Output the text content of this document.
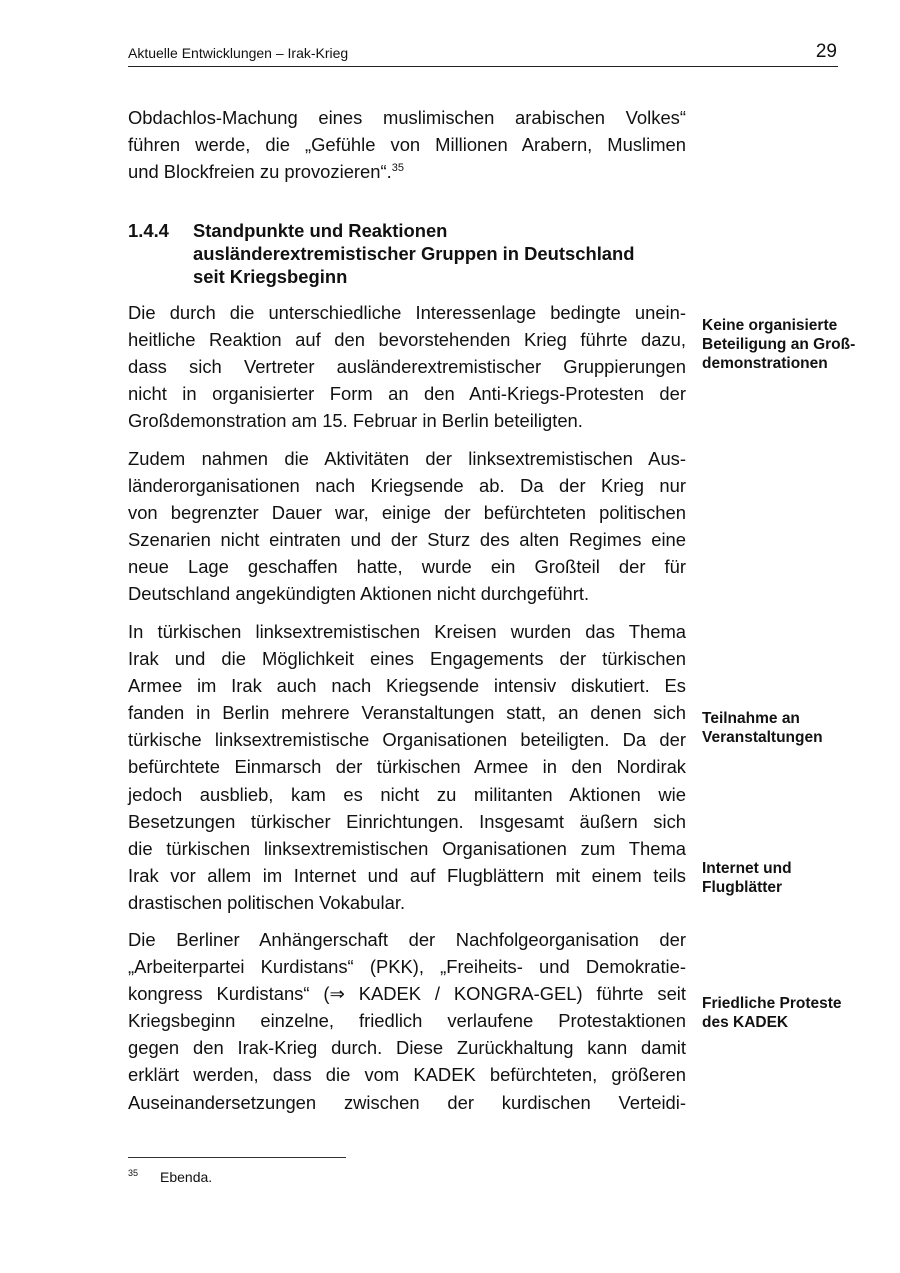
Aktuelle Entwicklungen – Irak-Krieg	29

Obdachlos-Machung eines muslimischen arabischen Volkes“
führen werde, die „Gefühle von Millionen Arabern, Muslimen
und Blockfreien zu provozieren“.$^{35}$

1.4.4 Standpunkte und Reaktionen
ausländerextremistischer Gruppen in Deutschland
seit Kriegsbeginn

Die durch die unterschiedliche Interessenlage bedingte unein-
heitliche Reaktion auf den bevorstehenden Krieg führte dazu,
dass sich Vertreter ausländerextremistischer Gruppierungen
nicht in organisierter Form an den Anti-Kriegs-Protesten der
Großdemonstration am 15. Februar in Berlin beteiligten.

Zudem nahmen die Aktivitäten der linksextremistischen Aus-
länderorganisationen nach Kriegsende ab. Da der Krieg nur
von begrenzter Dauer war, einige der befürchteten politischen
Szenarien nicht eintraten und der Sturz des alten Regimes eine
neue Lage geschaffen hatte, wurde ein Großteil der für
Deutschland angekündigten Aktionen nicht durchgeführt.

In türkischen linksextremistischen Kreisen wurden das Thema
Irak und die Möglichkeit eines Engagements der türkischen
Armee im Irak auch nach Kriegsende intensiv diskutiert. Es
fanden in Berlin mehrere Veranstaltungen statt, an denen sich
türkische linksextremistische Organisationen beteiligten. Da der
befürchtete Einmarsch der türkischen Armee in den Nordirak
jedoch ausblieb, kam es nicht zu militanten Aktionen wie
Besetzungen türkischer Einrichtungen. Insgesamt äußern sich
die türkischen linksextremistischen Organisationen zum Thema
Irak vor allem im Internet und auf Flugblättern mit einem teils
drastischen politischen Vokabular.

Die Berliner Anhängerschaft der Nachfolgeorganisation der
„Arbeiterpartei Kurdistans“ (PKK), „Freiheits- und Demokratie-
kongress Kurdistans“ (⇒ KADEK / KONGRA-GEL) führte seit
Kriegsbeginn einzelne, friedlich verlaufene Protestaktionen
gegen den Irak-Krieg durch. Diese Zurückhaltung kann damit
erklärt werden, dass die vom KADEK befürchteten, größeren
Auseinandersetzungen zwischen der kurdischen Verteidi-

Keine organisierte
Beteiligung an Groß-
demonstrationen
Teilnahme an
Veranstaltungen
Internet und
Flugblätter
Friedliche Proteste
des KADEK
$^{35}$ Ebenda.
